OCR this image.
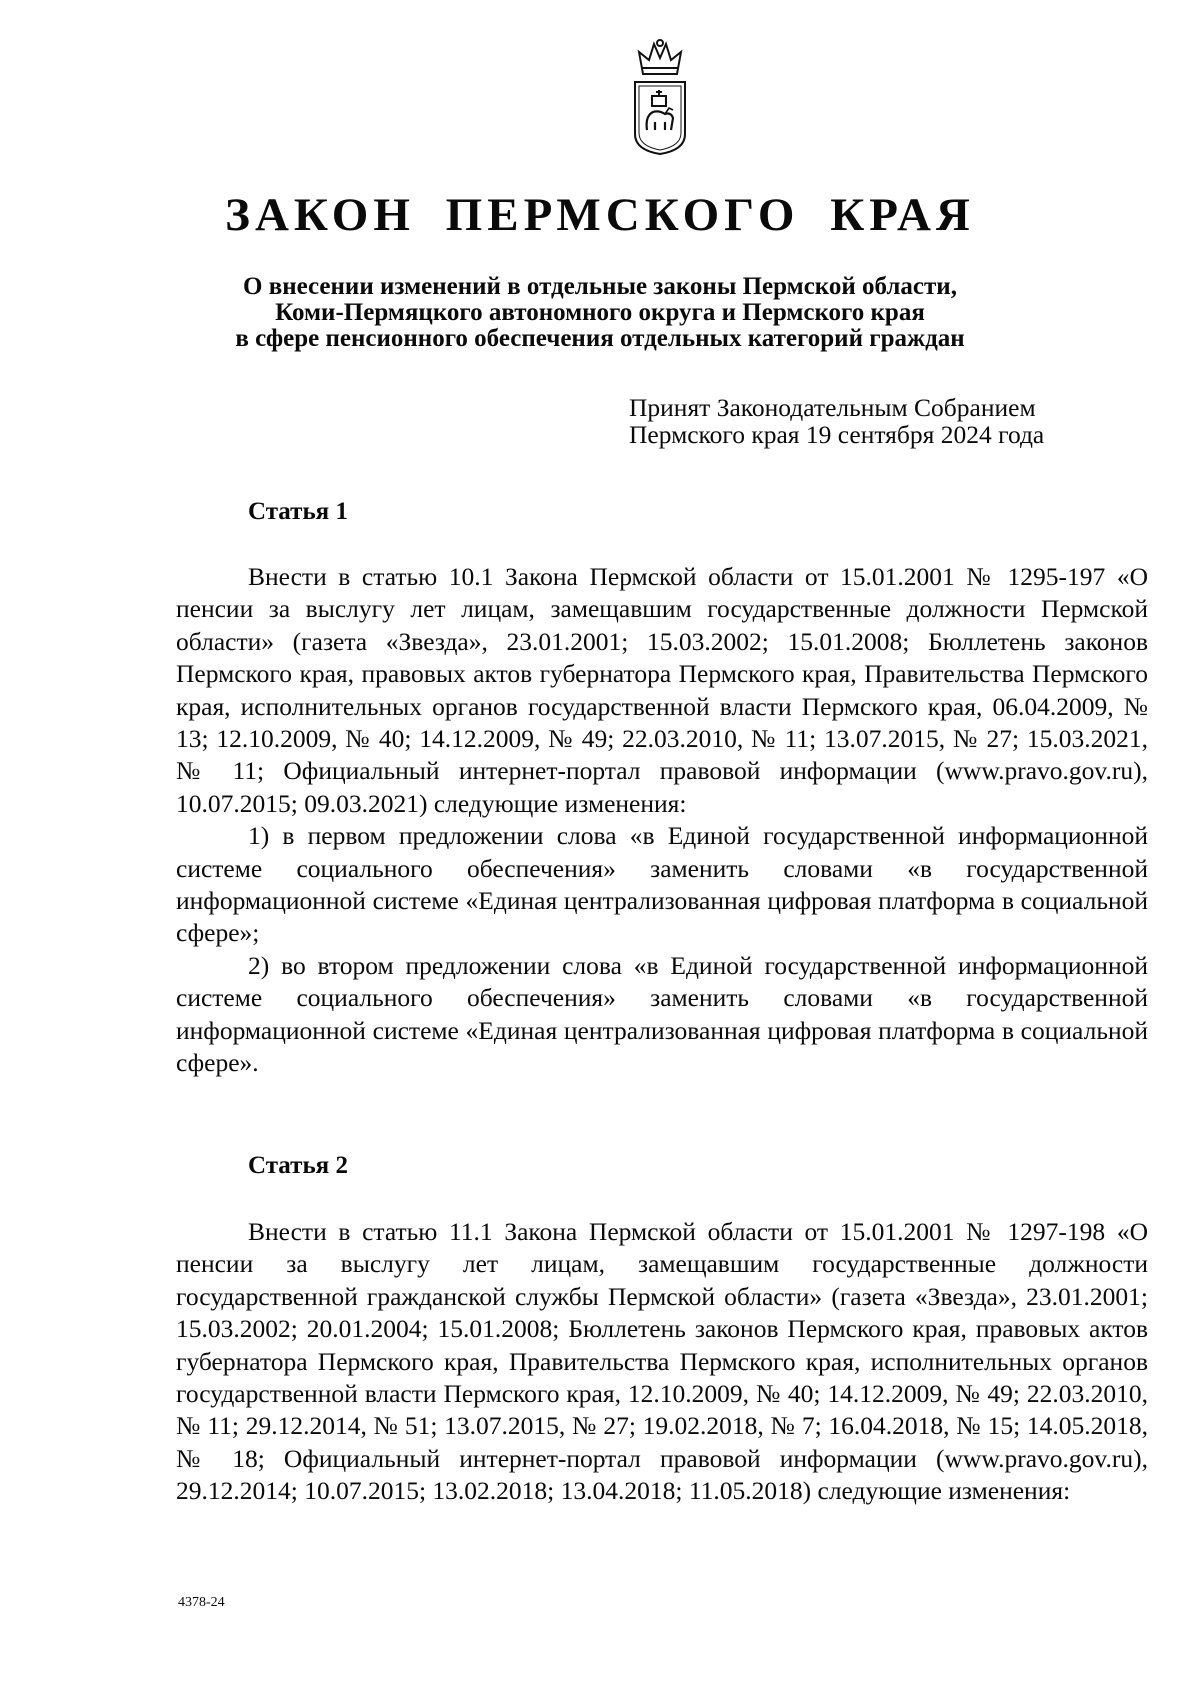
ЗАКОН ПЕРМСКОГО КРАЯ
О внесении изменений в отдельные законы Пермской области,
Коми-Пермяцкого автономного округа и Пермского края
в сфере пенсионного обеспечения отдельных категорий граждан
Принят Законодательным Собранием
Пермского края 19 сентября 2024 года
Статья 1

Внести в статью 10.1 Закона Пермской области от 15.01.2001 № 1295-197 «О пенсии за выслугу лет лицам, замещавшим государственные должности Пермской области» (газета «Звезда», 23.01.2001; 15.03.2002; 15.01.2008; Бюллетень законов Пермского края, правовых актов губернатора Пермского края, Правительства Пермского края, исполнительных органов государственной власти Пермского края, 06.04.2009, № 13; 12.10.2009, № 40; 14.12.2009, № 49; 22.03.2010, № 11; 13.07.2015, № 27; 15.03.2021, № 11; Официальный интернет-портал правовой информации (www.pravo.gov.ru), 10.07.2015; 09.03.2021) следующие изменения:

1) в первом предложении слова «в Единой государственной информационной системе социального обеспечения» заменить словами «в государственной информационной системе «Единая централизованная цифровая платформа в социальной сфере»;

2) во втором предложении слова «в Единой государственной информационной системе социального обеспечения» заменить словами «в государственной информационной системе «Единая централизованная цифровая платформа в социальной сфере».

Статья 2

Внести в статью 11.1 Закона Пермской области от 15.01.2001 № 1297-198 «О пенсии за выслугу лет лицам, замещавшим государственные должности государственной гражданской службы Пермской области» (газета «Звезда», 23.01.2001; 15.03.2002; 20.01.2004; 15.01.2008; Бюллетень законов Пермского края, правовых актов губернатора Пермского края, Правительства Пермского края, исполнительных органов государственной власти Пермского края, 12.10.2009, № 40; 14.12.2009, № 49; 22.03.2010, № 11; 29.12.2014, № 51; 13.07.2015, № 27; 19.02.2018, № 7; 16.04.2018, № 15; 14.05.2018, № 18; Официальный интернет-портал правовой информации (www.pravo.gov.ru), 29.12.2014; 10.07.2015; 13.02.2018; 13.04.2018; 11.05.2018) следующие изменения:

4378-24
